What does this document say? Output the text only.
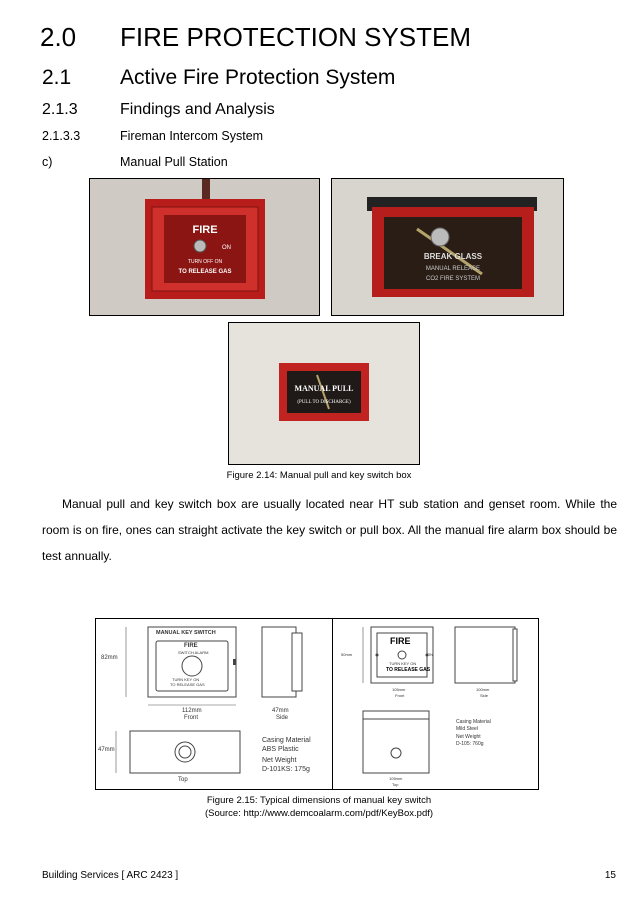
2.0 FIRE PROTECTION SYSTEM
2.1 Active Fire Protection System
2.1.3	Findings and Analysis
2.1.3.3	Fireman Intercom System
c)	Manual Pull Station
FIRE
ON
TURN OFF ON
TO RELEASE GAS
BREAK GLASS
MANUAL RELEASE
CO2 FIRE SYSTEM
MANUAL PULL
(PULL TO DISCHARGE)
Figure 2.14: Manual pull and key switch box
Manual pull and key switch box are usually located near HT sub station and genset room. While the room is on fire, ones can straight activate the key switch or pull box. All the manual fire alarm box should be test annually.
MANUAL KEY SWITCH
FIRE
SWITCH ALARM
TURN KEY ON
TO RELEASE GAS
82mm
112mm
Front
47mm
Side
47mm
Top
Casing Material
ABS Plastic
Net Weight
D-101KS: 175g
FIRE
ON
TURN KEY ON
TO RELEASE GAS
50mm
105mm
Front
100mm
Side
Casing Material
Mild Steel
Net Weight
D-105: 760g
105mm
Top
Figure 2.15: Typical dimensions of manual key switch
(Source: http://www.demcoalarm.com/pdf/KeyBox.pdf)
Building Services [ ARC 2423 ]	15
